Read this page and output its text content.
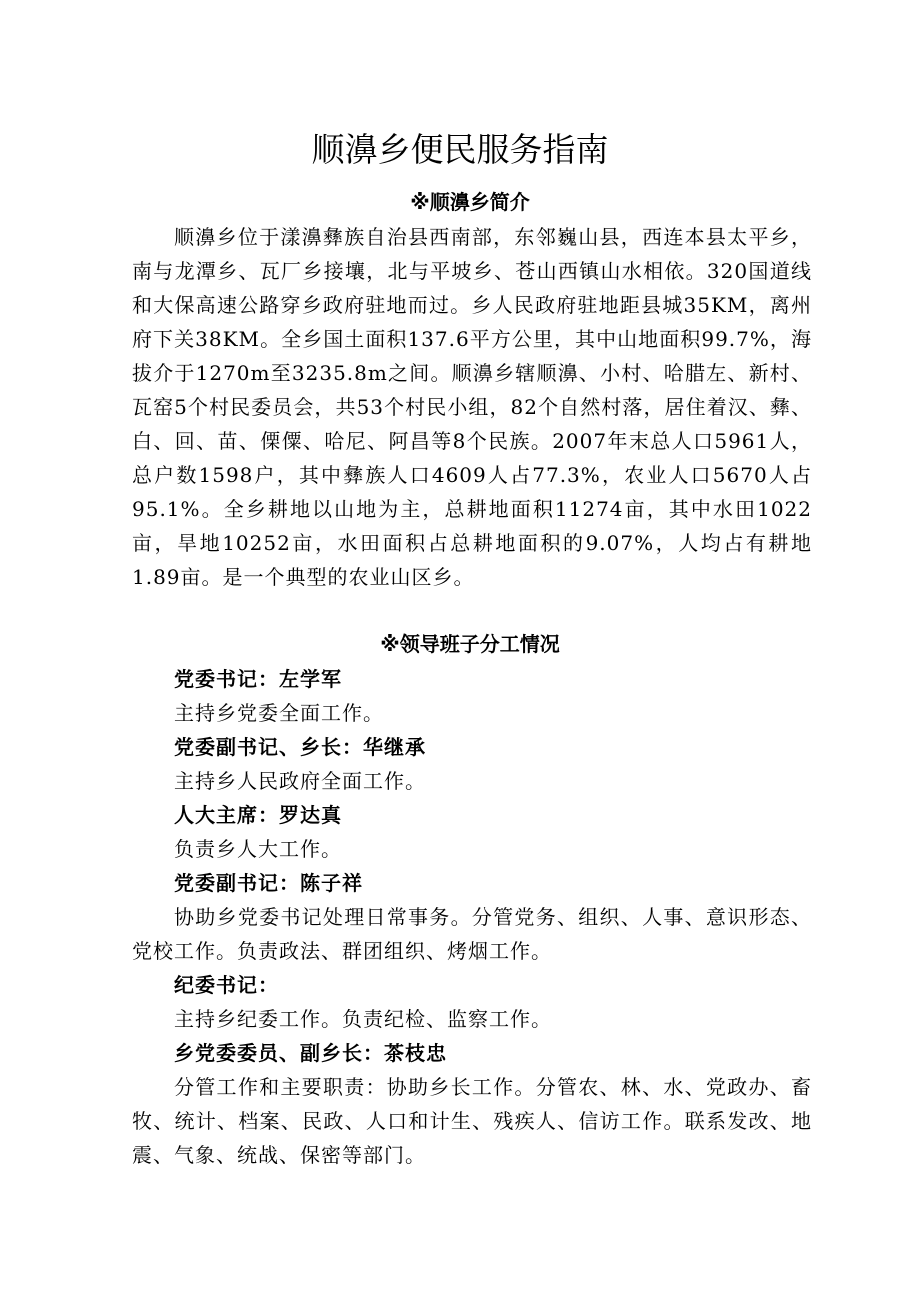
顺濞乡便民服务指南
※顺濞乡简介

顺濞乡位于漾濞彝族自治县西南部，东邻巍山县，西连本县太平乡，南与龙潭乡、瓦厂乡接壤，北与平坡乡、苍山西镇山水相依。320国道线和大保高速公路穿乡政府驻地而过。乡人民政府驻地距县城35KM，离州府下关38KM。全乡国土面积137.6平方公里，其中山地面积99.7%，海拔介于1270m至3235.8m之间。顺濞乡辖顺濞、小村、哈腊左、新村、瓦窑5个村民委员会，共53个村民小组，82个自然村落，居住着汉、彝、白、回、苗、傈僳、哈尼、阿昌等8个民族。2007年末总人口5961人，总户数1598户，其中彝族人口4609人占77.3%，农业人口5670人占95.1%。全乡耕地以山地为主，总耕地面积11274亩，其中水田1022亩，旱地10252亩，水田面积占总耕地面积的9.07%，人均占有耕地1.89亩。是一个典型的农业山区乡。

※领导班子分工情况

党委书记：左学军

主持乡党委全面工作。

党委副书记、乡长：华继承

主持乡人民政府全面工作。

人大主席：罗达真

负责乡人大工作。

党委副书记：陈子祥

协助乡党委书记处理日常事务。分管党务、组织、人事、意识形态、党校工作。负责政法、群团组织、烤烟工作。

纪委书记：

主持乡纪委工作。负责纪检、监察工作。

乡党委委员、副乡长：茶枝忠

分管工作和主要职责：协助乡长工作。分管农、林、水、党政办、畜牧、统计、档案、民政、人口和计生、残疾人、信访工作。联系发改、地震、气象、统战、保密等部门。
